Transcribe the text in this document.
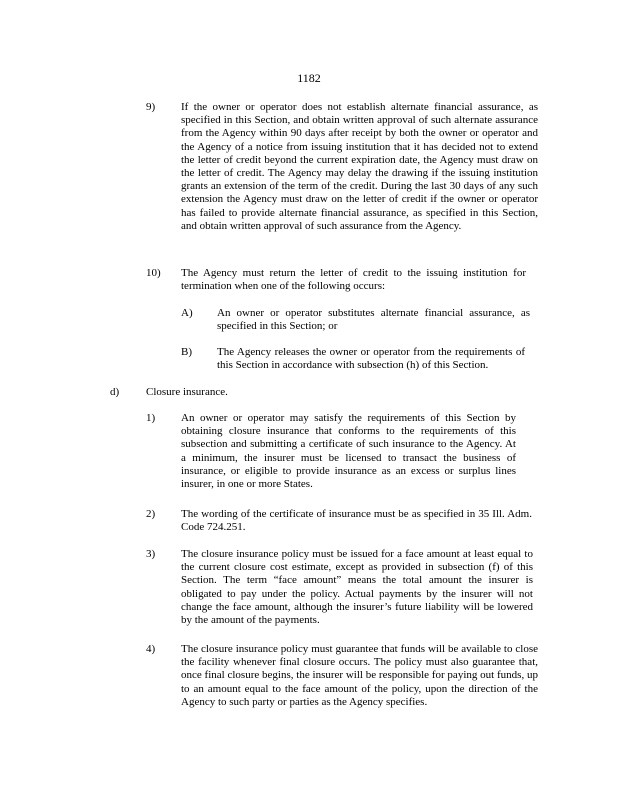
1182
9) If the owner or operator does not establish alternate financial assurance, as specified in this Section, and obtain written approval of such alternate assurance from the Agency within 90 days after receipt by both the owner or operator and the Agency of a notice from issuing institution that it has decided not to extend the letter of credit beyond the current expiration date, the Agency must draw on the letter of credit. The Agency may delay the drawing if the issuing institution grants an extension of the term of the credit. During the last 30 days of any such extension the Agency must draw on the letter of credit if the owner or operator has failed to provide alternate financial assurance, as specified in this Section, and obtain written approval of such assurance from the Agency.
10) The Agency must return the letter of credit to the issuing institution for termination when one of the following occurs:
A) An owner or operator substitutes alternate financial assurance, as specified in this Section; or
B) The Agency releases the owner or operator from the requirements of this Section in accordance with subsection (h) of this Section.
d) Closure insurance.
1) An owner or operator may satisfy the requirements of this Section by obtaining closure insurance that conforms to the requirements of this subsection and submitting a certificate of such insurance to the Agency. At a minimum, the insurer must be licensed to transact the business of insurance, or eligible to provide insurance as an excess or surplus lines insurer, in one or more States.
2) The wording of the certificate of insurance must be as specified in 35 Ill. Adm. Code 724.251.
3) The closure insurance policy must be issued for a face amount at least equal to the current closure cost estimate, except as provided in subsection (f) of this Section. The term “face amount” means the total amount the insurer is obligated to pay under the policy. Actual payments by the insurer will not change the face amount, although the insurer’s future liability will be lowered by the amount of the payments.
4) The closure insurance policy must guarantee that funds will be available to close the facility whenever final closure occurs. The policy must also guarantee that, once final closure begins, the insurer will be responsible for paying out funds, up to an amount equal to the face amount of the policy, upon the direction of the Agency to such party or parties as the Agency specifies.
